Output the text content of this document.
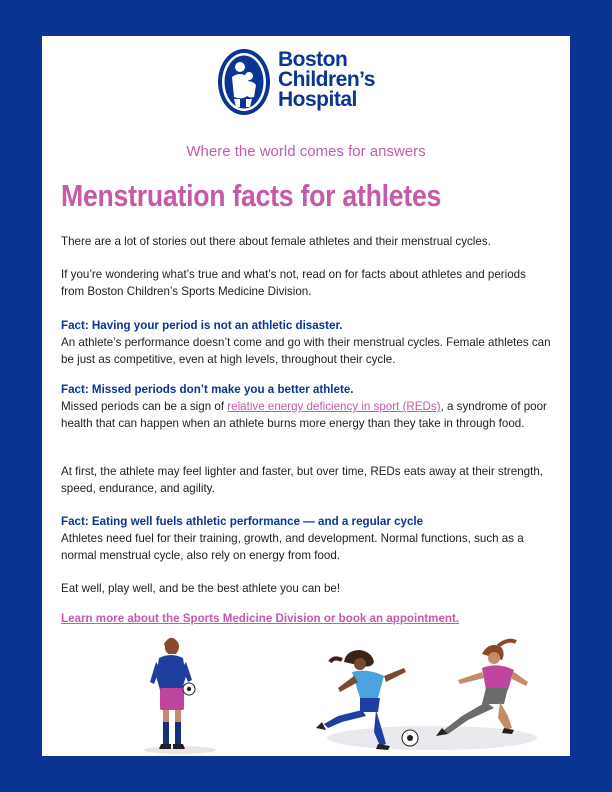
Boston
Children’s
Hospital
Where the world comes for answers
Menstruation facts for athletes

There are a lot of stories out there about female athletes and their menstrual cycles.

If you’re wondering what’s true and what’s not, read on for facts about athletes and periods from Boston Children’s Sports Medicine Division.

Fact: Having your period is not an athletic disaster.
An athlete’s performance doesn’t come and go with their menstrual cycles. Female athletes can be just as competitive, even at high levels, throughout their cycle.

Fact: Missed periods don’t make you a better athlete.
Missed periods can be a sign of relative energy deficiency in sport (REDs), a syndrome of poor health that can happen when an athlete burns more energy than they take in through food.

At first, the athlete may feel lighter and faster, but over time, REDs eats away at their strength, speed, endurance, and agility.

Fact: Eating well fuels athletic performance — and a regular cycle
Athletes need fuel for their training, growth, and development. Normal functions, such as a normal menstrual cycle, also rely on energy from food.

Eat well, play well, and be the best athlete you can be!

Learn more about the Sports Medicine Division or book an appointment.
